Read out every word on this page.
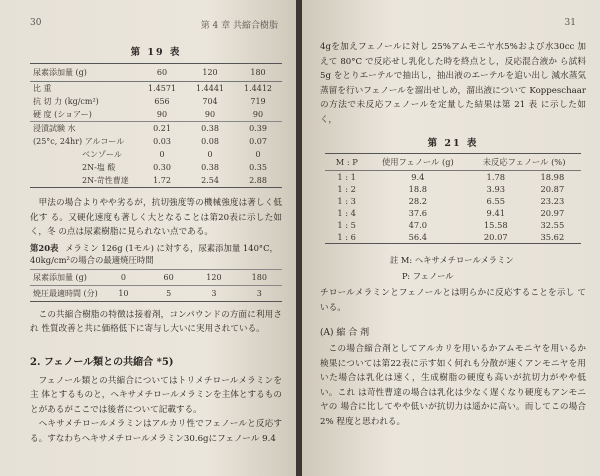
30	第 4 章 共縮合樹脂
第 19 表
尿素添加量 (g)	60	120	180
比 重	1.4571	1.4441	1.4412
抗 切 力 (kg/cm²)	656	704	719
硬 度 (ショアー)	90	90	90
浸漬試験 水	0.21	0.38	0.39
(25°c, 24hr) アルコール	0.03	0.08	0.07
ベンゾール	0	0	0
2N-塩 酸	0.30	0.38	0.35
2N-苛性曹達	1.72	2.54	2.88

甲法の場合よりやや劣るが，抗切強度等の機械強度は著しく低化す る。又硬化速度も著しく大となることは第20表に示した如く，冬 の点は尿素樹脂に見られない点である。

第20表 メラミン 126g (1モル) に対する，尿素添加量 140°C，40kg/cm²の場合の最適焼圧時間
尿素添加量 (g)	0	60	120	180
焼圧最適時間 (分)	10	5	3	3

この共縮合樹脂の特徴は接着剤，コンパウンドの方面に利用され 性質改善と共に価格低下に寄与し大いに実用されている。

2. フェノール類との共縮合 *5)

フェノール類との共縮合についてはトリメチロールメラミンを主 体とするものと，ヘキサメチロールメラミンを主体とするものとがあるがここでは後者について記載する。

ヘキサメチロールメラミンはアルカリ性でフェノールと反応す る。すなわちヘキサメチロールメラミン30.6gにフェノール 9.4

31

4gを加えフェノールに対し 25%アムモニヤ水5%および水30cc 加えて 80°C で反応せし乳化した時を終点とし，反応混合液か ら試料 5g をとりエーテルで抽出し，抽出液のエーテルを追い出し 減水蒸気蒸留を行いフェノールを溜出せしめ，溜出液について Koppeschaar の方法で未反応フェノールを定量した結果は第 21 表 に示した如く，

第 21 表
M : P	使用フェノール (g)	未反応フェノール (%)	
1 : 1	9.4	1.78	18.98
1 : 2	18.8	3.93	20.87
1 : 3	28.2	6.55	23.23
1 : 4	37.6	9.41	20.97
1 : 5	47.0	15.58	32.55
1 : 6	56.4	20.07	35.62
註 M: ヘキサメチロールメラミン
P: フェノール

チロールメラミンとフェノールとは明らかに反応することを示し ている。

(A) 縮 合 剤

この場合縮合剤としてアルカリを用いるかアムモニヤを用いるか 検果については第22表に示す如く何れも分散が速くアンモニヤを用いた場合は乳化は速く，生成樹脂の硬度も高いが抗切力がやや低い。これ は苛性曹達の場合は乳化は少なく遅くなり硬度もアンモニヤの 場合に比してやや低いが抗切力は遥かに高い。而してこの場合 2% 程度と思われる。
